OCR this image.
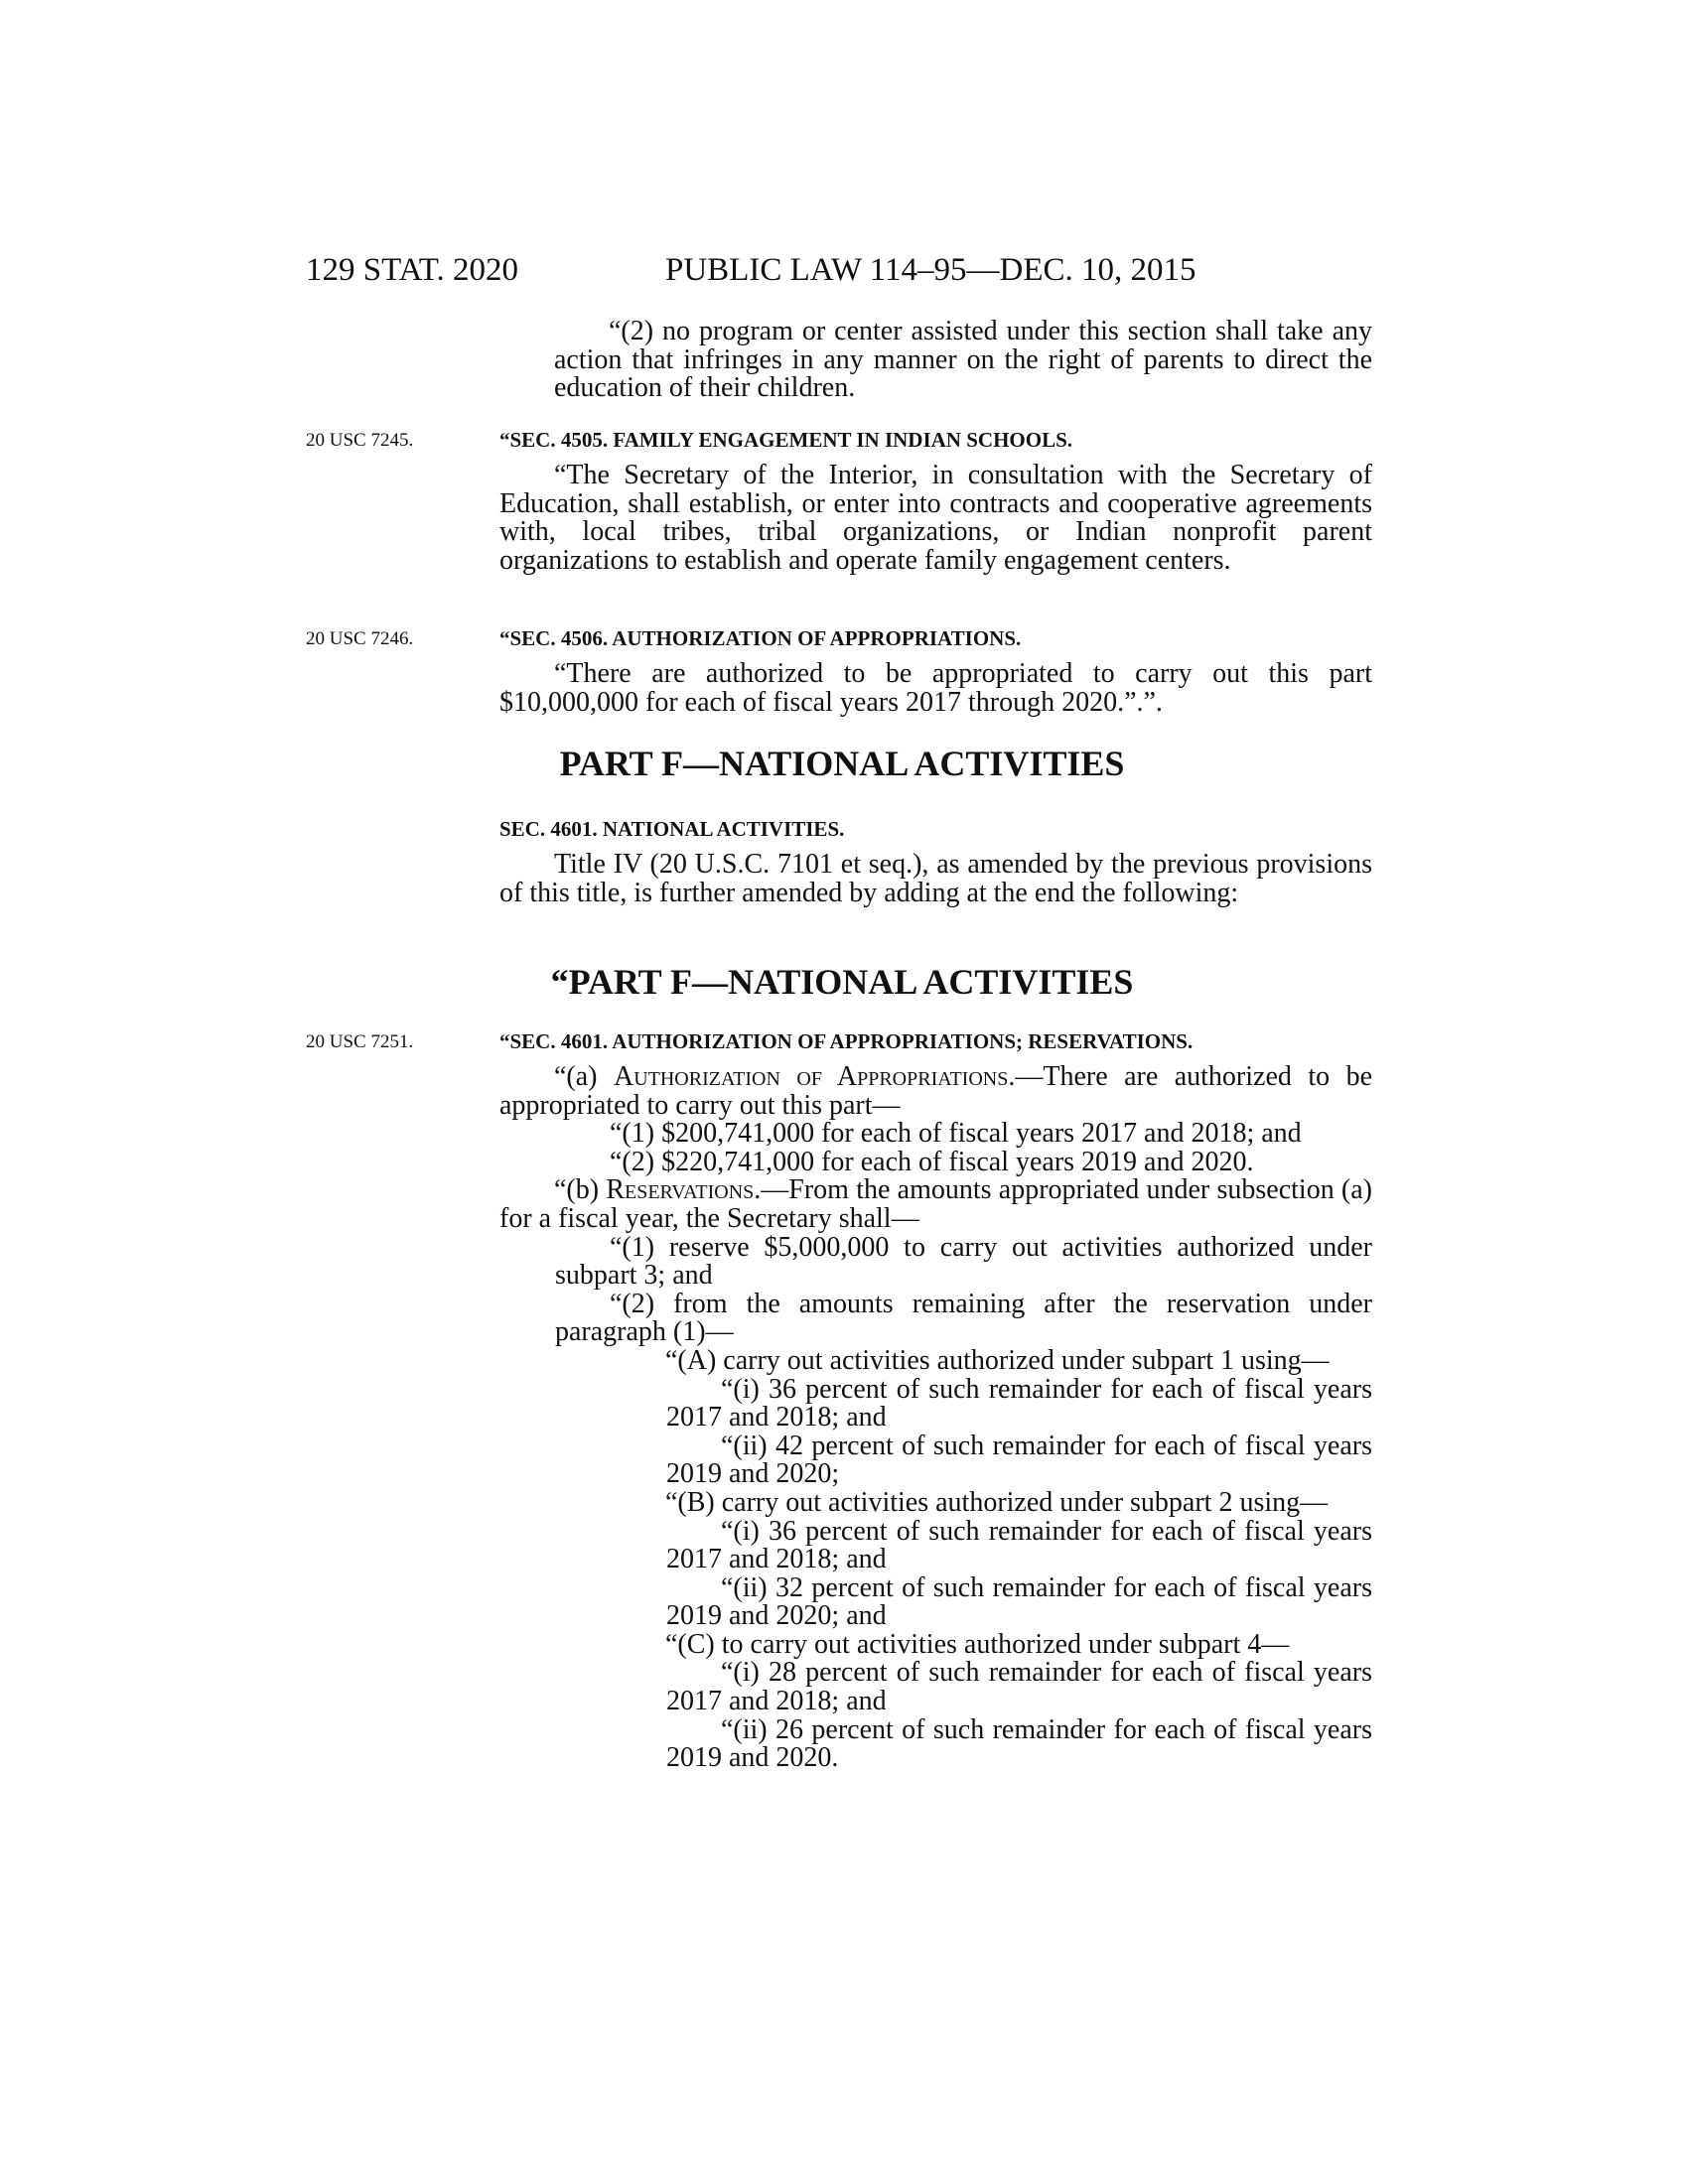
129 STAT. 2020	PUBLIC LAW 114–95—DEC. 10, 2015

“(2) no program or center assisted under this section shall take any action that infringes in any manner on the right of parents to direct the education of their children.

20 USC 7245.	“SEC. 4505. FAMILY ENGAGEMENT IN INDIAN SCHOOLS.

“The Secretary of the Interior, in consultation with the Secretary of Education, shall establish, or enter into contracts and cooperative agreements with, local tribes, tribal organizations, or Indian nonprofit parent organizations to establish and operate family engagement centers.

20 USC 7246.	“SEC. 4506. AUTHORIZATION OF APPROPRIATIONS.

“There are authorized to be appropriated to carry out this part $10,000,000 for each of fiscal years 2017 through 2020.”.”.

PART F—NATIONAL ACTIVITIES
SEC. 4601. NATIONAL ACTIVITIES.

Title IV (20 U.S.C. 7101 et seq.), as amended by the previous provisions of this title, is further amended by adding at the end the following:

“PART F—NATIONAL ACTIVITIES
20 USC 7251.	“SEC. 4601. AUTHORIZATION OF APPROPRIATIONS; RESERVATIONS.

“(a) Authorization of Appropriations.—There are authorized to be appropriated to carry out this part—

“(1) $200,741,000 for each of fiscal years 2017 and 2018; and

“(2) $220,741,000 for each of fiscal years 2019 and 2020.

“(b) Reservations.—From the amounts appropriated under subsection (a) for a fiscal year, the Secretary shall—

“(1) reserve $5,000,000 to carry out activities authorized under subpart 3; and

“(2) from the amounts remaining after the reservation under paragraph (1)—

“(A) carry out activities authorized under subpart 1 using—

“(i) 36 percent of such remainder for each of fiscal years 2017 and 2018; and

“(ii) 42 percent of such remainder for each of fiscal years 2019 and 2020;

“(B) carry out activities authorized under subpart 2 using—

“(i) 36 percent of such remainder for each of fiscal years 2017 and 2018; and

“(ii) 32 percent of such remainder for each of fiscal years 2019 and 2020; and

“(C) to carry out activities authorized under subpart 4—

“(i) 28 percent of such remainder for each of fiscal years 2017 and 2018; and

“(ii) 26 percent of such remainder for each of fiscal years 2019 and 2020.
